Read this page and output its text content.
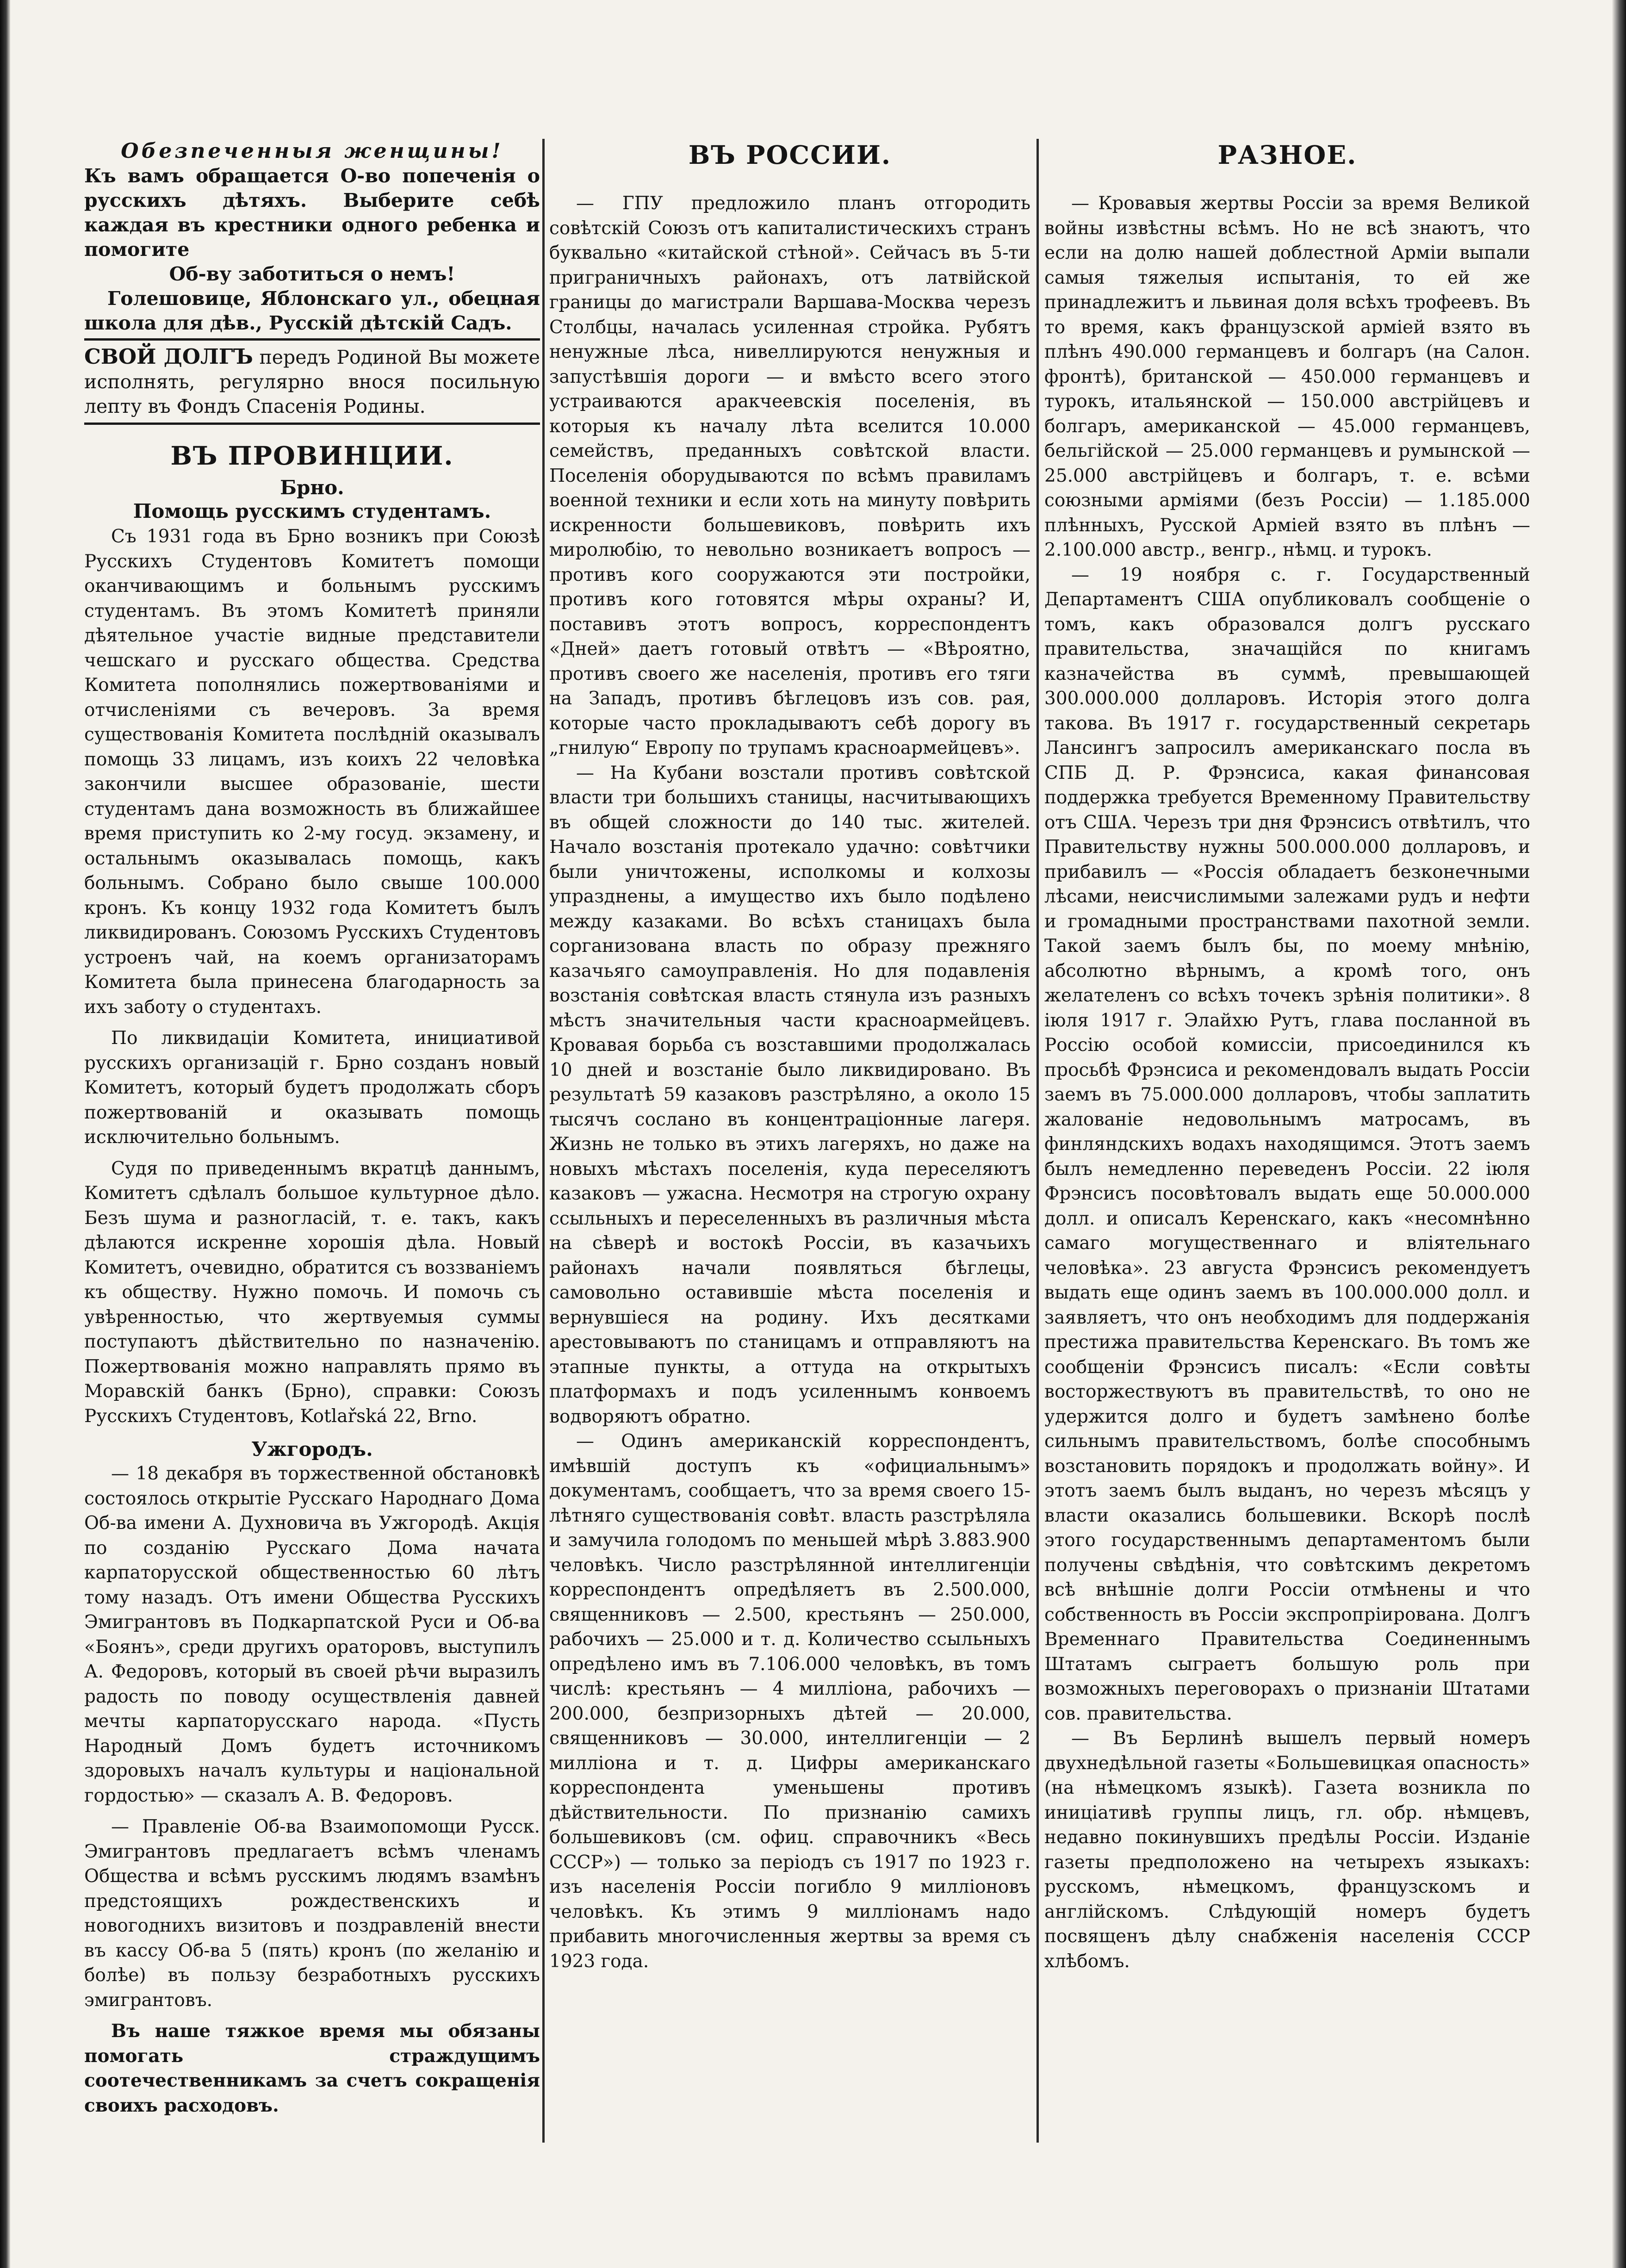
Обезпеченныя женщины!
Къ вамъ обращается О-во попеченія о русскихъ дѣтяхъ. Выберите себѣ каждая въ крестники одного ребенка и помогите
Об-ву заботиться о немъ!
Голешовице, Яблонскаго ул., обецная школа для дѣв., Русскій дѣтскій Садъ.
СВОЙ ДОЛГЪ передъ Родиной Вы можете исполнять, регулярно внося посильную лепту въ Фондъ Спасенія Родины.
ВЪ ПРОВИНЦИИ.
Брно.
Помощь русскимъ студентамъ.

Съ 1931 года въ Брно возникъ при Союзѣ Русскихъ Студентовъ Комитетъ помощи оканчивающимъ и больнымъ русскимъ студентамъ. Въ этомъ Комитетѣ приняли дѣятельное участіе видные представители чешскаго и русскаго общества. Средства Комитета пополнялись пожертвованіями и отчисленіями съ вечеровъ. За время существованія Комитета послѣдній оказывалъ помощь 33 лицамъ, изъ коихъ 22 человѣка закончили высшее образованіе, шести студентамъ дана возможность въ ближайшее время приступить ко 2-му госуд. экзамену, и остальнымъ оказывалась помощь, какъ больнымъ. Собрано было свыше 100.000 кронъ. Къ концу 1932 года Комитетъ былъ ликвидированъ. Союзомъ Русскихъ Студентовъ устроенъ чай, на коемъ организаторамъ Комитета была принесена благодарность за ихъ заботу о студентахъ.

По ликвидаціи Комитета, инициативой русскихъ организацій г. Брно созданъ новый Комитетъ, который будетъ продолжать сборъ пожертвованій и оказывать помощь исключительно больнымъ.

Судя по приведеннымъ вкратцѣ даннымъ, Комитетъ сдѣлалъ большое культурное дѣло. Безъ шума и разногласій, т. е. такъ, какъ дѣлаются искренне хорошія дѣла. Новый Комитетъ, очевидно, обратится съ воззваніемъ къ обществу. Нужно помочь. И помочь съ увѣренностью, что жертвуемыя суммы поступаютъ дѣйствительно по назначенію. Пожертвованія можно направлять прямо въ Моравскій банкъ (Брно), справки: Союзъ Русскихъ Студентовъ, Kotlařská 22, Brno.

Ужгородъ.

— 18 декабря въ торжественной обстановкѣ состоялось открытіе Русскаго Народнаго Дома Об-ва имени А. Духновича въ Ужгородѣ. Акція по созданію Русскаго Дома начата карпаторусской общественностью 60 лѣтъ тому назадъ. Отъ имени Общества Русскихъ Эмигрантовъ въ Подкарпатской Руси и Об-ва «Боянъ», среди другихъ ораторовъ, выступилъ А. Федоровъ, который въ своей рѣчи выразилъ радость по поводу осуществленія давней мечты карпаторусскаго народа. «Пусть Народный Домъ будетъ источникомъ здоровыхъ началъ культуры и національной гордостью» — сказалъ А. В. Федоровъ.

— Правленіе Об-ва Взаимопомощи Русск. Эмигрантовъ предлагаетъ всѣмъ членамъ Общества и всѣмъ русскимъ людямъ взамѣнъ предстоящихъ рождественскихъ и новогоднихъ визитовъ и поздравленій внести въ кассу Об-ва 5 (пять) кронъ (по желанію и болѣе) въ пользу безработныхъ русскихъ эмигрантовъ.

Въ наше тяжкое время мы обязаны помогать страждущимъ соотечественникамъ за счетъ сокращенія своихъ расходовъ.

ВЪ РОССИИ.

— ГПУ предложило планъ отгородить совѣтскій Союзъ отъ капиталистическихъ странъ буквально «китайской стѣной». Сейчасъ въ 5-ти приграничныхъ районахъ, отъ латвійской границы до магистрали Варшава-Москва черезъ Столбцы, началась усиленная стройка. Рубятъ ненужные лѣса, нивеллируются ненужныя и запустѣвшія дороги — и вмѣсто всего этого устраиваются аракчеевскія поселенія, въ которыя къ началу лѣта вселится 10.000 семействъ, преданныхъ совѣтской власти. Поселенія оборудываются по всѣмъ правиламъ военной техники и если хоть на минуту повѣрить искренности большевиковъ, повѣрить ихъ миролюбію, то невольно возникаетъ вопросъ — противъ кого сооружаются эти постройки, противъ кого готовятся мѣры охраны? И, поставивъ этотъ вопросъ, корреспондентъ «Дней» даетъ готовый отвѣтъ — «Вѣроятно, противъ своего же населенія, противъ его тяги на Западъ, противъ бѣглецовъ изъ сов. рая, которые часто прокладываютъ себѣ дорогу въ „гнилую“ Европу по трупамъ красноармейцевъ».

— На Кубани возстали противъ совѣтской власти три большихъ станицы, насчитывающихъ въ общей сложности до 140 тыс. жителей. Начало возстанія протекало удачно: совѣтчики были уничтожены, исполкомы и колхозы упразднены, а имущество ихъ было подѣлено между казаками. Во всѣхъ станицахъ была сорганизована власть по образу прежняго казачьяго самоуправленія. Но для подавленія возстанія совѣтская власть стянула изъ разныхъ мѣстъ значительныя части красноармейцевъ. Кровавая борьба съ возставшими продолжалась 10 дней и возстаніе было ликвидировано. Въ результатѣ 59 казаковъ разстрѣляно, а около 15 тысячъ сослано въ концентраціонные лагеря. Жизнь не только въ этихъ лагеряхъ, но даже на новыхъ мѣстахъ поселенія, куда переселяютъ казаковъ — ужасна. Несмотря на строгую охрану ссыльныхъ и переселенныхъ въ различныя мѣста на сѣверѣ и востокѣ Россіи, въ казачьихъ районахъ начали появляться бѣглецы, самовольно оставившіе мѣста поселенія и вернувшіеся на родину. Ихъ десятками арестовываютъ по станицамъ и отправляютъ на этапные пункты, а оттуда на открытыхъ платформахъ и подъ усиленнымъ конвоемъ водворяютъ обратно.

— Одинъ американскій корреспондентъ, имѣвшій доступъ къ «официальнымъ» документамъ, сообщаетъ, что за время своего 15-лѣтняго существованія совѣт. власть разстрѣляла и замучила голодомъ по меньшей мѣрѣ 3.883.900 человѣкъ. Число разстрѣлянной интеллигенціи корреспондентъ опредѣляетъ въ 2.500.000, священниковъ — 2.500, крестьянъ — 250.000, рабочихъ — 25.000 и т. д. Количество ссыльныхъ опредѣлено имъ въ 7.106.000 человѣкъ, въ томъ числѣ: крестьянъ — 4 милліона, рабочихъ — 200.000, безпризорныхъ дѣтей — 20.000, священниковъ — 30.000, интеллигенціи — 2 милліона и т. д. Цифры американскаго корреспондента уменьшены противъ дѣйствительности. По признанію самихъ большевиковъ (см. офиц. справочникъ «Весь СССР») — только за періодъ съ 1917 по 1923 г. изъ населенія Россіи погибло 9 милліоновъ человѣкъ. Къ этимъ 9 милліонамъ надо прибавить многочисленныя жертвы за время съ 1923 года.

РАЗНОЕ.

— Кровавыя жертвы Россіи за время Великой войны извѣстны всѣмъ. Но не всѣ знаютъ, что если на долю нашей доблестной Арміи выпали самыя тяжелыя испытанія, то ей же принадлежитъ и львиная доля всѣхъ трофеевъ. Въ то время, какъ французской арміей взято въ плѣнъ 490.000 германцевъ и болгаръ (на Салон. фронтѣ), британской — 450.000 германцевъ и турокъ, итальянской — 150.000 австрійцевъ и болгаръ, американской — 45.000 германцевъ, бельгійской — 25.000 германцевъ и румынской — 25.000 австрійцевъ и болгаръ, т. е. всѣми союзными арміями (безъ Россіи) — 1.185.000 плѣнныхъ, Русской Арміей взято въ плѣнъ — 2.100.000 австр., венгр., нѣмц. и турокъ.

— 19 ноября с. г. Государственный Департаментъ США опубликовалъ сообщеніе о томъ, какъ образовался долгъ русскаго правительства, значащійся по книгамъ казначейства въ суммѣ, превышающей 300.000.000 долларовъ. Исторія этого долга такова. Въ 1917 г. государственный секретарь Лансингъ запросилъ американскаго посла въ СПБ Д. Р. Фрэнсиса, какая финансовая поддержка требуется Временному Правительству отъ США. Черезъ три дня Фрэнсисъ отвѣтилъ, что Правительству нужны 500.000.000 долларовъ, и прибавилъ — «Россія обладаетъ безконечными лѣсами, неисчислимыми залежами рудъ и нефти и громадными пространствами пахотной земли. Такой заемъ былъ бы, по моему мнѣнію, абсолютно вѣрнымъ, а кромѣ того, онъ желателенъ со всѣхъ точекъ зрѣнія политики». 8 іюля 1917 г. Элайхю Рутъ, глава посланной въ Россію особой комиссіи, присоединился къ просьбѣ Фрэнсиса и рекомендовалъ выдать Россіи заемъ въ 75.000.000 долларовъ, чтобы заплатить жалованіе недовольнымъ матросамъ, въ финляндскихъ водахъ находящимся. Этотъ заемъ былъ немедленно переведенъ Россіи. 22 іюля Фрэнсисъ посовѣтовалъ выдать еще 50.000.000 долл. и описалъ Керенскаго, какъ «несомнѣнно самаго могущественнаго и вліятельнаго человѣка». 23 августа Фрэнсисъ рекомендуетъ выдать еще одинъ заемъ въ 100.000.000 долл. и заявляетъ, что онъ необходимъ для поддержанія престижа правительства Керенскаго. Въ томъ же сообщеніи Фрэнсисъ писалъ: «Если совѣты восторжествуютъ въ правительствѣ, то оно не удержится долго и будетъ замѣнено болѣе сильнымъ правительствомъ, болѣе способнымъ возстановить порядокъ и продолжать войну». И этотъ заемъ былъ выданъ, но черезъ мѣсяцъ у власти оказались большевики. Вскорѣ послѣ этого государственнымъ департаментомъ были получены свѣдѣнія, что совѣтскимъ декретомъ всѣ внѣшніе долги Россіи отмѣнены и что собственность въ Россіи экспропріирована. Долгъ Временнаго Правительства Соединеннымъ Штатамъ сыграетъ большую роль при возможныхъ переговорахъ о признаніи Штатами сов. правительства.

— Въ Берлинѣ вышелъ первый номеръ двухнедѣльной газеты «Большевицкая опасность» (на нѣмецкомъ языкѣ). Газета возникла по иниціативѣ группы лицъ, гл. обр. нѣмцевъ, недавно покинувшихъ предѣлы Россіи. Изданіе газеты предположено на четырехъ языкахъ: русскомъ, нѣмецкомъ, французскомъ и англійскомъ. Слѣдующій номеръ будетъ посвященъ дѣлу снабженія населенія СССР хлѣбомъ.
